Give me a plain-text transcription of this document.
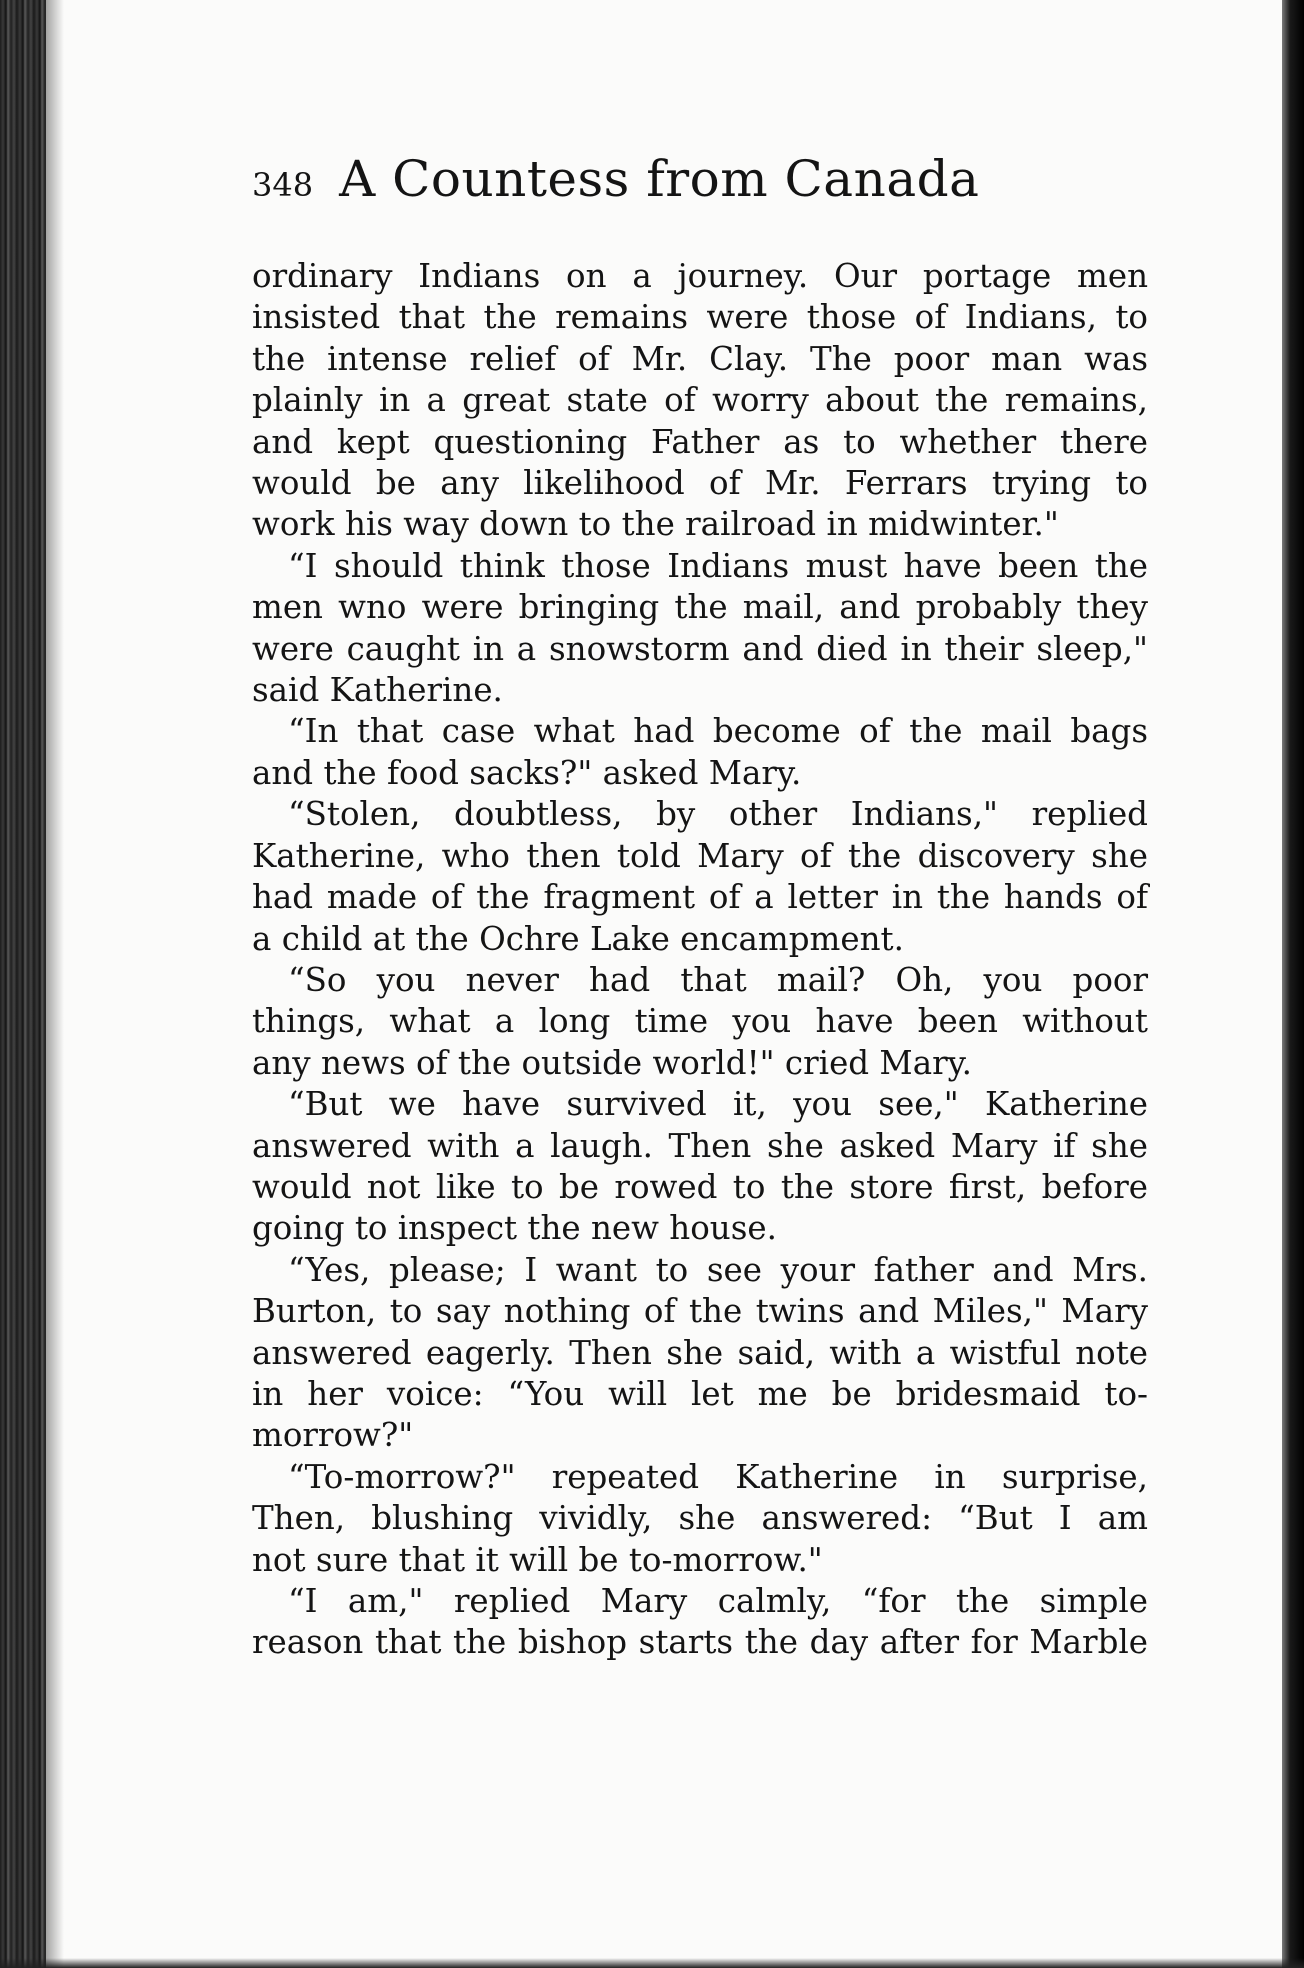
348 A Countess from Canada

ordinary Indians on a journey. Our portage men

insisted that the remains were those of Indians, to

the intense relief of Mr. Clay. The poor man was

plainly in a great state of worry about the remains,

and kept questioning Father as to whether there

would be any likelihood of Mr. Ferrars trying to

work his way down to the railroad in midwinter."

“I should think those Indians must have been the

men wno were bringing the mail, and probably they

were caught in a snowstorm and died in their sleep,"

said Katherine.

“In that case what had become of the mail bags

and the food sacks?" asked Mary.

“Stolen, doubtless, by other Indians," replied

Katherine, who then told Mary of the discovery she

had made of the fragment of a letter in the hands of

a child at the Ochre Lake encampment.

“So you never had that mail? Oh, you poor

things, what a long time you have been without

any news of the outside world!" cried Mary.

“But we have survived it, you see," Katherine

answered with a laugh. Then she asked Mary if she

would not like to be rowed to the store first, before

going to inspect the new house.

“Yes, please; I want to see your father and Mrs.

Burton, to say nothing of the twins and Miles," Mary

answered eagerly. Then she said, with a wistful note

in her voice: “You will let me be bridesmaid to-

morrow?"

“To-morrow?" repeated Katherine in surprise,

Then, blushing vividly, she answered: “But I am

not sure that it will be to-morrow."

“I am," replied Mary calmly, “for the simple

reason that the bishop starts the day after for Marble
